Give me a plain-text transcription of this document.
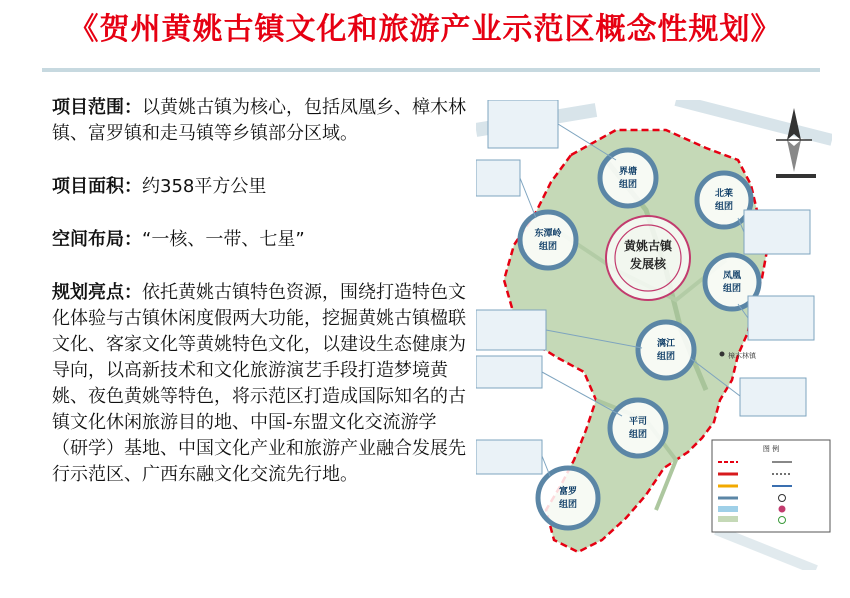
《贺州黄姚古镇文化和旅游产业示范区概念性规划》

项目范围：以黄姚古镇为核心，包括凤凰乡、樟木林镇、富罗镇和走马镇等乡镇部分区域。

项目面积：约358平方公里

空间布局：“一核、一带、七星”

规划亮点：依托黄姚古镇特色资源，围绕打造特色文化体验与古镇休闲度假两大功能，挖掘黄姚古镇楹联文化、客家文化等黄姚特色文化，以建设生态健康为导向，以高新技术和文化旅游演艺手段打造梦境黄姚、夜色黄姚等特色，将示范区打造成国际知名的古镇文化休闲旅游目的地、中国-东盟文化交流游学（研学）基地、中国文化产业和旅游产业融合发展先行示范区、广西东融文化交流先行地。

黄姚古镇
发展核
东潭岭
组团
界塘
组团
北莱
组团
凤凰
组团
漓江
组团
平司
组团
富罗
组团
樟木林镇
图 例
